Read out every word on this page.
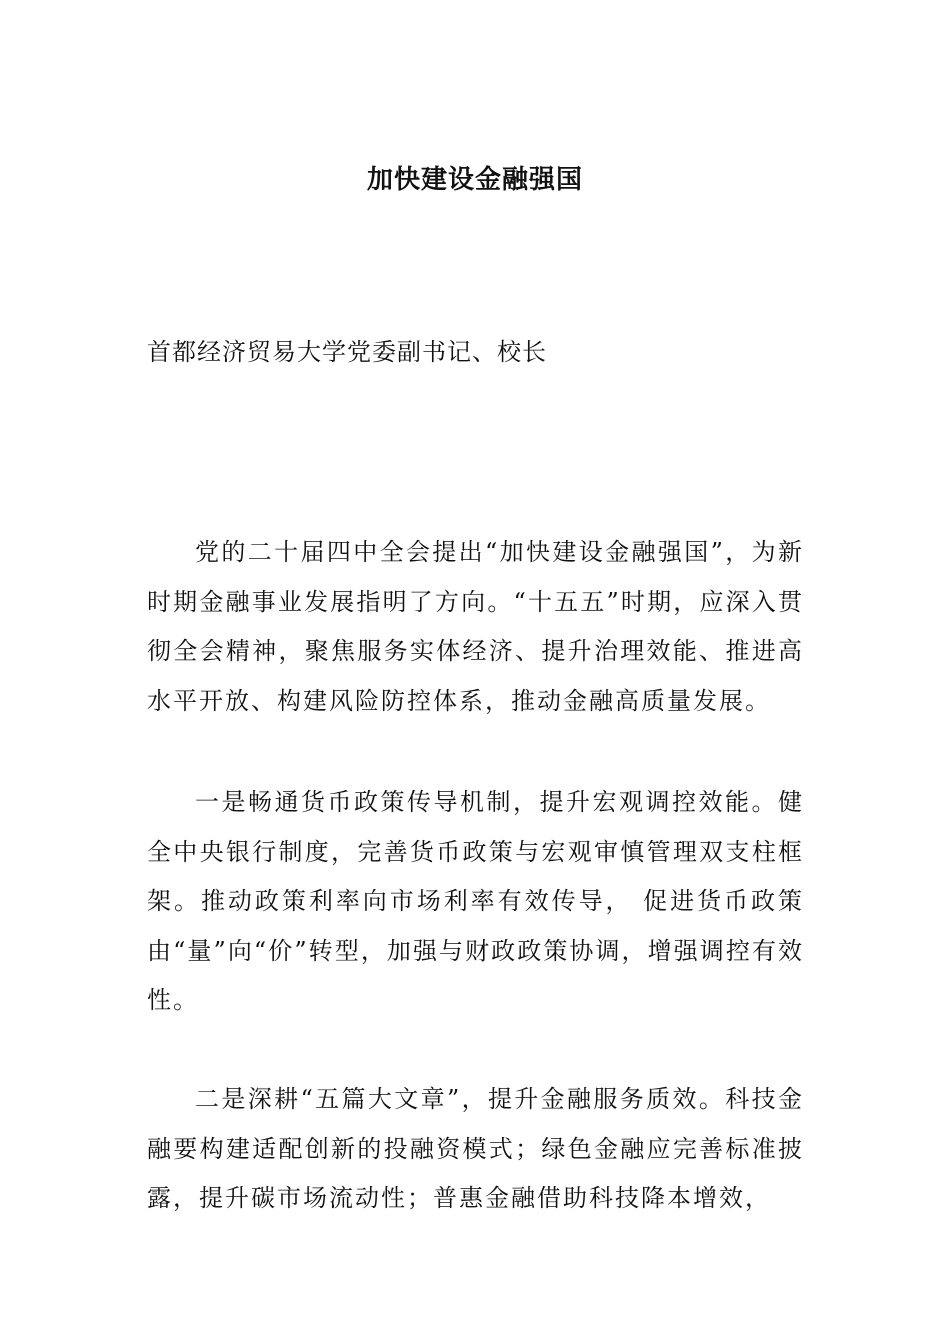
加快建设金融强国

首都经济贸易大学党委副书记、校长

党的二十届四中全会提出“加快建设金融强国”，为新时期金融事业发展指明了方向。“十五五”时期，应深入贯彻全会精神，聚焦服务实体经济、提升治理效能、推进高水平开放、构建风险防控体系，推动金融高质量发展。

一是畅通货币政策传导机制，提升宏观调控效能。健全中央银行制度，完善货币政策与宏观审慎管理双支柱框架。推动政策利率向市场利率有效传导， 促进货币政策由“量”向“价”转型，加强与财政政策协调，增强调控有效性。

二是深耕“五篇大文章”，提升金融服务质效。科技金融要构建适配创新的投融资模式；绿色金融应完善标准披露，提升碳市场流动性；普惠金融借助科技降本增效，
